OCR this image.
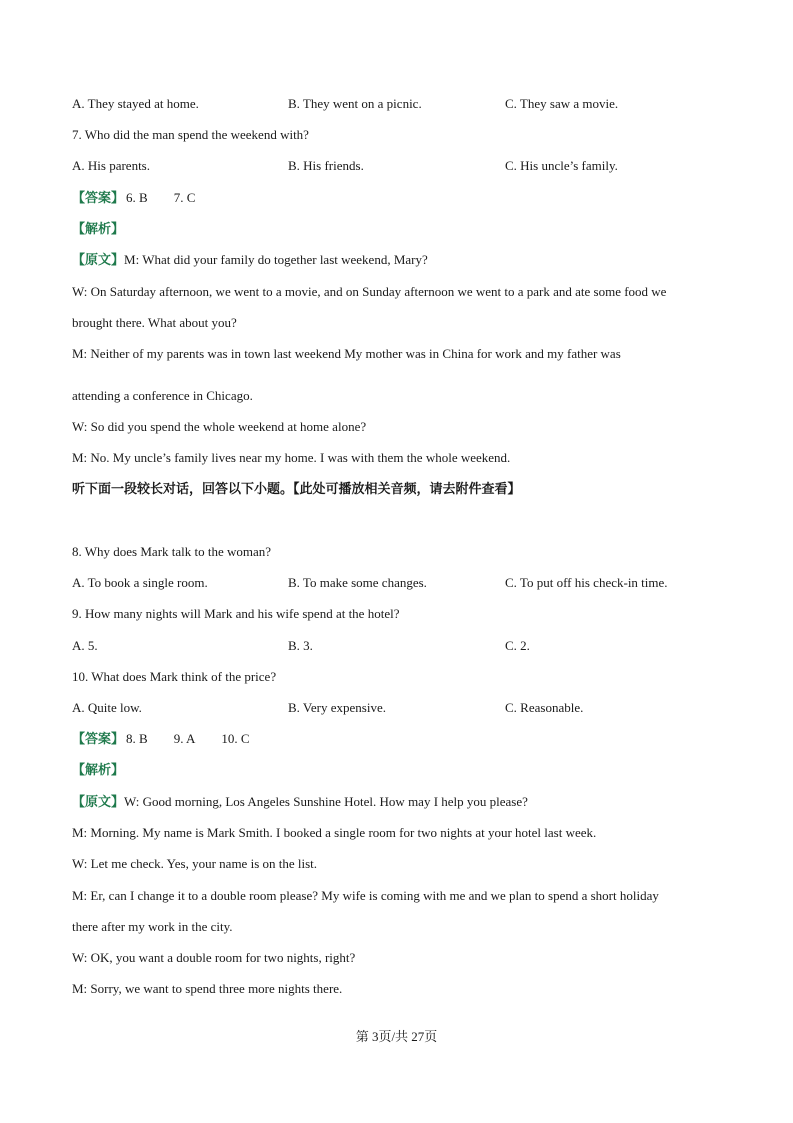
A. They stayed at home.	B. They went on a picnic.	C. They saw a movie.
7. Who did the man spend the weekend with?
A. His parents.	B. His friends.	C. His uncle’s family.
【答案】 6. B 7. C
【解析】
【原文】M: What did your family do together last weekend, Mary?
W: On Saturday afternoon, we went to a movie, and on Sunday afternoon we went to a park and ate some food we
brought there. What about you?
M: Neither of my parents was in town last weekend My mother was in China for work and my father was
attending a conference in Chicago.
W: So did you spend the whole weekend at home alone?
M: No. My uncle’s family lives near my home. I was with them the whole weekend.
听下面一段较长对话，回答以下小题。【此处可播放相关音频，请去附件查看】
8. Why does Mark talk to the woman?
A. To book a single room.	B. To make some changes.	C. To put off his check-in time.
9. How many nights will Mark and his wife spend at the hotel?
A. 5.	B. 3.	C. 2.
10. What does Mark think of the price?
A. Quite low.	B. Very expensive.	C. Reasonable.
【答案】 8. B 9. A 10. C
【解析】
【原文】W: Good morning, Los Angeles Sunshine Hotel. How may I help you please?
M: Morning. My name is Mark Smith. I booked a single room for two nights at your hotel last week.
W: Let me check. Yes, your name is on the list.
M: Er, can I change it to a double room please? My wife is coming with me and we plan to spend a short holiday
there after my work in the city.
W: OK, you want a double room for two nights, right?
M: Sorry, we want to spend three more nights there.
第 3页/共 27页
